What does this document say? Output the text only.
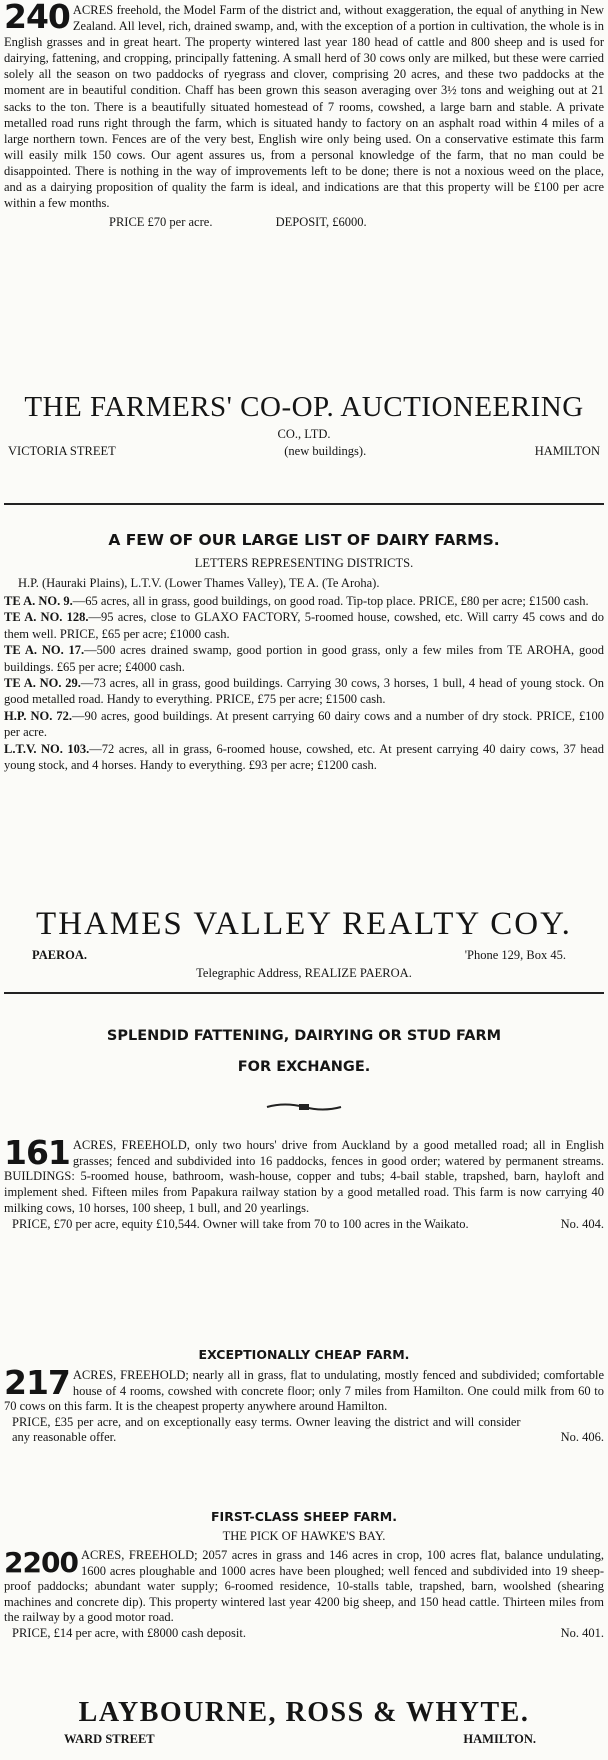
240 ACRES freehold, the Model Farm of the district and, without exaggeration, the equal of anything in New Zealand. All level, rich, drained swamp, and, with the exception of a portion in cultivation, the whole is in English grasses and in great heart. The property wintered last year 180 head of cattle and 800 sheep and is used for dairying, fattening, and cropping, principally fattening. A small herd of 30 cows only are milked, but these were carried solely all the season on two paddocks of ryegrass and clover, comprising 20 acres, and these two paddocks at the moment are in beautiful condition. Chaff has been grown this season averaging over 3½ tons and weighing out at 21 sacks to the ton. There is a beautifully situated homestead of 7 rooms, cowshed, a large barn and stable. A private metalled road runs right through the farm, which is situated handy to factory on an asphalt road within 4 miles of a large northern town. Fences are of the very best, English wire only being used. On a conservative estimate this farm will easily milk 150 cows. Our agent assures us, from a personal knowledge of the farm, that no man could be disappointed. There is nothing in the way of improvements left to be done; there is not a noxious weed on the place, and as a dairying proposition of quality the farm is ideal, and indications are that this property will be £100 per acre within a few months.

PRICE £70 per acre.	DEPOSIT, £6000.

THE FARMERS' CO-OP. AUCTIONEERING

CO., LTD.
VICTORIA STREET	(new buildings).	HAMILTON

A FEW OF OUR LARGE LIST OF DAIRY FARMS.

LETTERS REPRESENTING DISTRICTS.
H.P. (Hauraki Plains), L.T.V. (Lower Thames Valley), TE A. (Te Aroha).

TE A. NO. 9.—65 acres, all in grass, good buildings, on good road. Tip-top place. PRICE, £80 per acre; £1500 cash.

TE A. NO. 128.—95 acres, close to GLAXO FACTORY, 5-roomed house, cowshed, etc. Will carry 45 cows and do them well. PRICE, £65 per acre; £1000 cash.

TE A. NO. 17.—500 acres drained swamp, good portion in good grass, only a few miles from TE AROHA, good buildings. £65 per acre; £4000 cash.

TE A. NO. 29.—73 acres, all in grass, good buildings. Carrying 30 cows, 3 horses, 1 bull, 4 head of young stock. On good metalled road. Handy to everything. PRICE, £75 per acre; £1500 cash.

H.P. NO. 72.—90 acres, good buildings. At present carrying 60 dairy cows and a number of dry stock. PRICE, £100 per acre.

L.T.V. NO. 103.—72 acres, all in grass, 6-roomed house, cowshed, etc. At present carrying 40 dairy cows, 37 head young stock, and 4 horses. Handy to everything. £93 per acre; £1200 cash.

THAMES VALLEY REALTY COY.

PAEROA.	'Phone 129, Box 45.
Telegraphic Address, REALIZE PAEROA.

SPLENDID FATTENING, DAIRYING OR STUD FARM

FOR EXCHANGE.

161 ACRES, FREEHOLD, only two hours' drive from Auckland by a good metalled road; all in English grasses; fenced and subdivided into 16 paddocks, fences in good order; watered by permanent streams. BUILDINGS: 5-roomed house, bathroom, wash-house, copper and tubs; 4-bail stable, trapshed, barn, hayloft and implement shed. Fifteen miles from Papakura railway station by a good metalled road. This farm is now carrying 40 milking cows, 10 horses, 100 sheep, 1 bull, and 20 yearlings.

PRICE, £70 per acre, equity £10,544. Owner will take from 70 to 100 acres in the Waikato.	No. 404.

EXCEPTIONALLY CHEAP FARM.

217 ACRES, FREEHOLD; nearly all in grass, flat to undulating, mostly fenced and subdivided; comfortable house of 4 rooms, cowshed with concrete floor; only 7 miles from Hamilton. One could milk from 60 to 70 cows on this farm. It is the cheapest property anywhere around Hamilton.

PRICE, £35 per acre, and on exceptionally easy terms. Owner leaving the district and will consider any reasonable offer.	No. 406.

FIRST-CLASS SHEEP FARM.

THE PICK OF HAWKE'S BAY.

2200 ACRES, FREEHOLD; 2057 acres in grass and 146 acres in crop, 100 acres flat, balance undulating, 1600 acres ploughable and 1000 acres have been ploughed; well fenced and subdivided into 19 sheep-proof paddocks; abundant water supply; 6-roomed residence, 10-stalls table, trapshed, barn, woolshed (shearing machines and concrete dip). This property wintered last year 4200 big sheep, and 150 head cattle. Thirteen miles from the railway by a good motor road.

PRICE, £14 per acre, with £8000 cash deposit.	No. 401.

LAYBOURNE, ROSS & WHYTE.

WARD STREET	HAMILTON.
